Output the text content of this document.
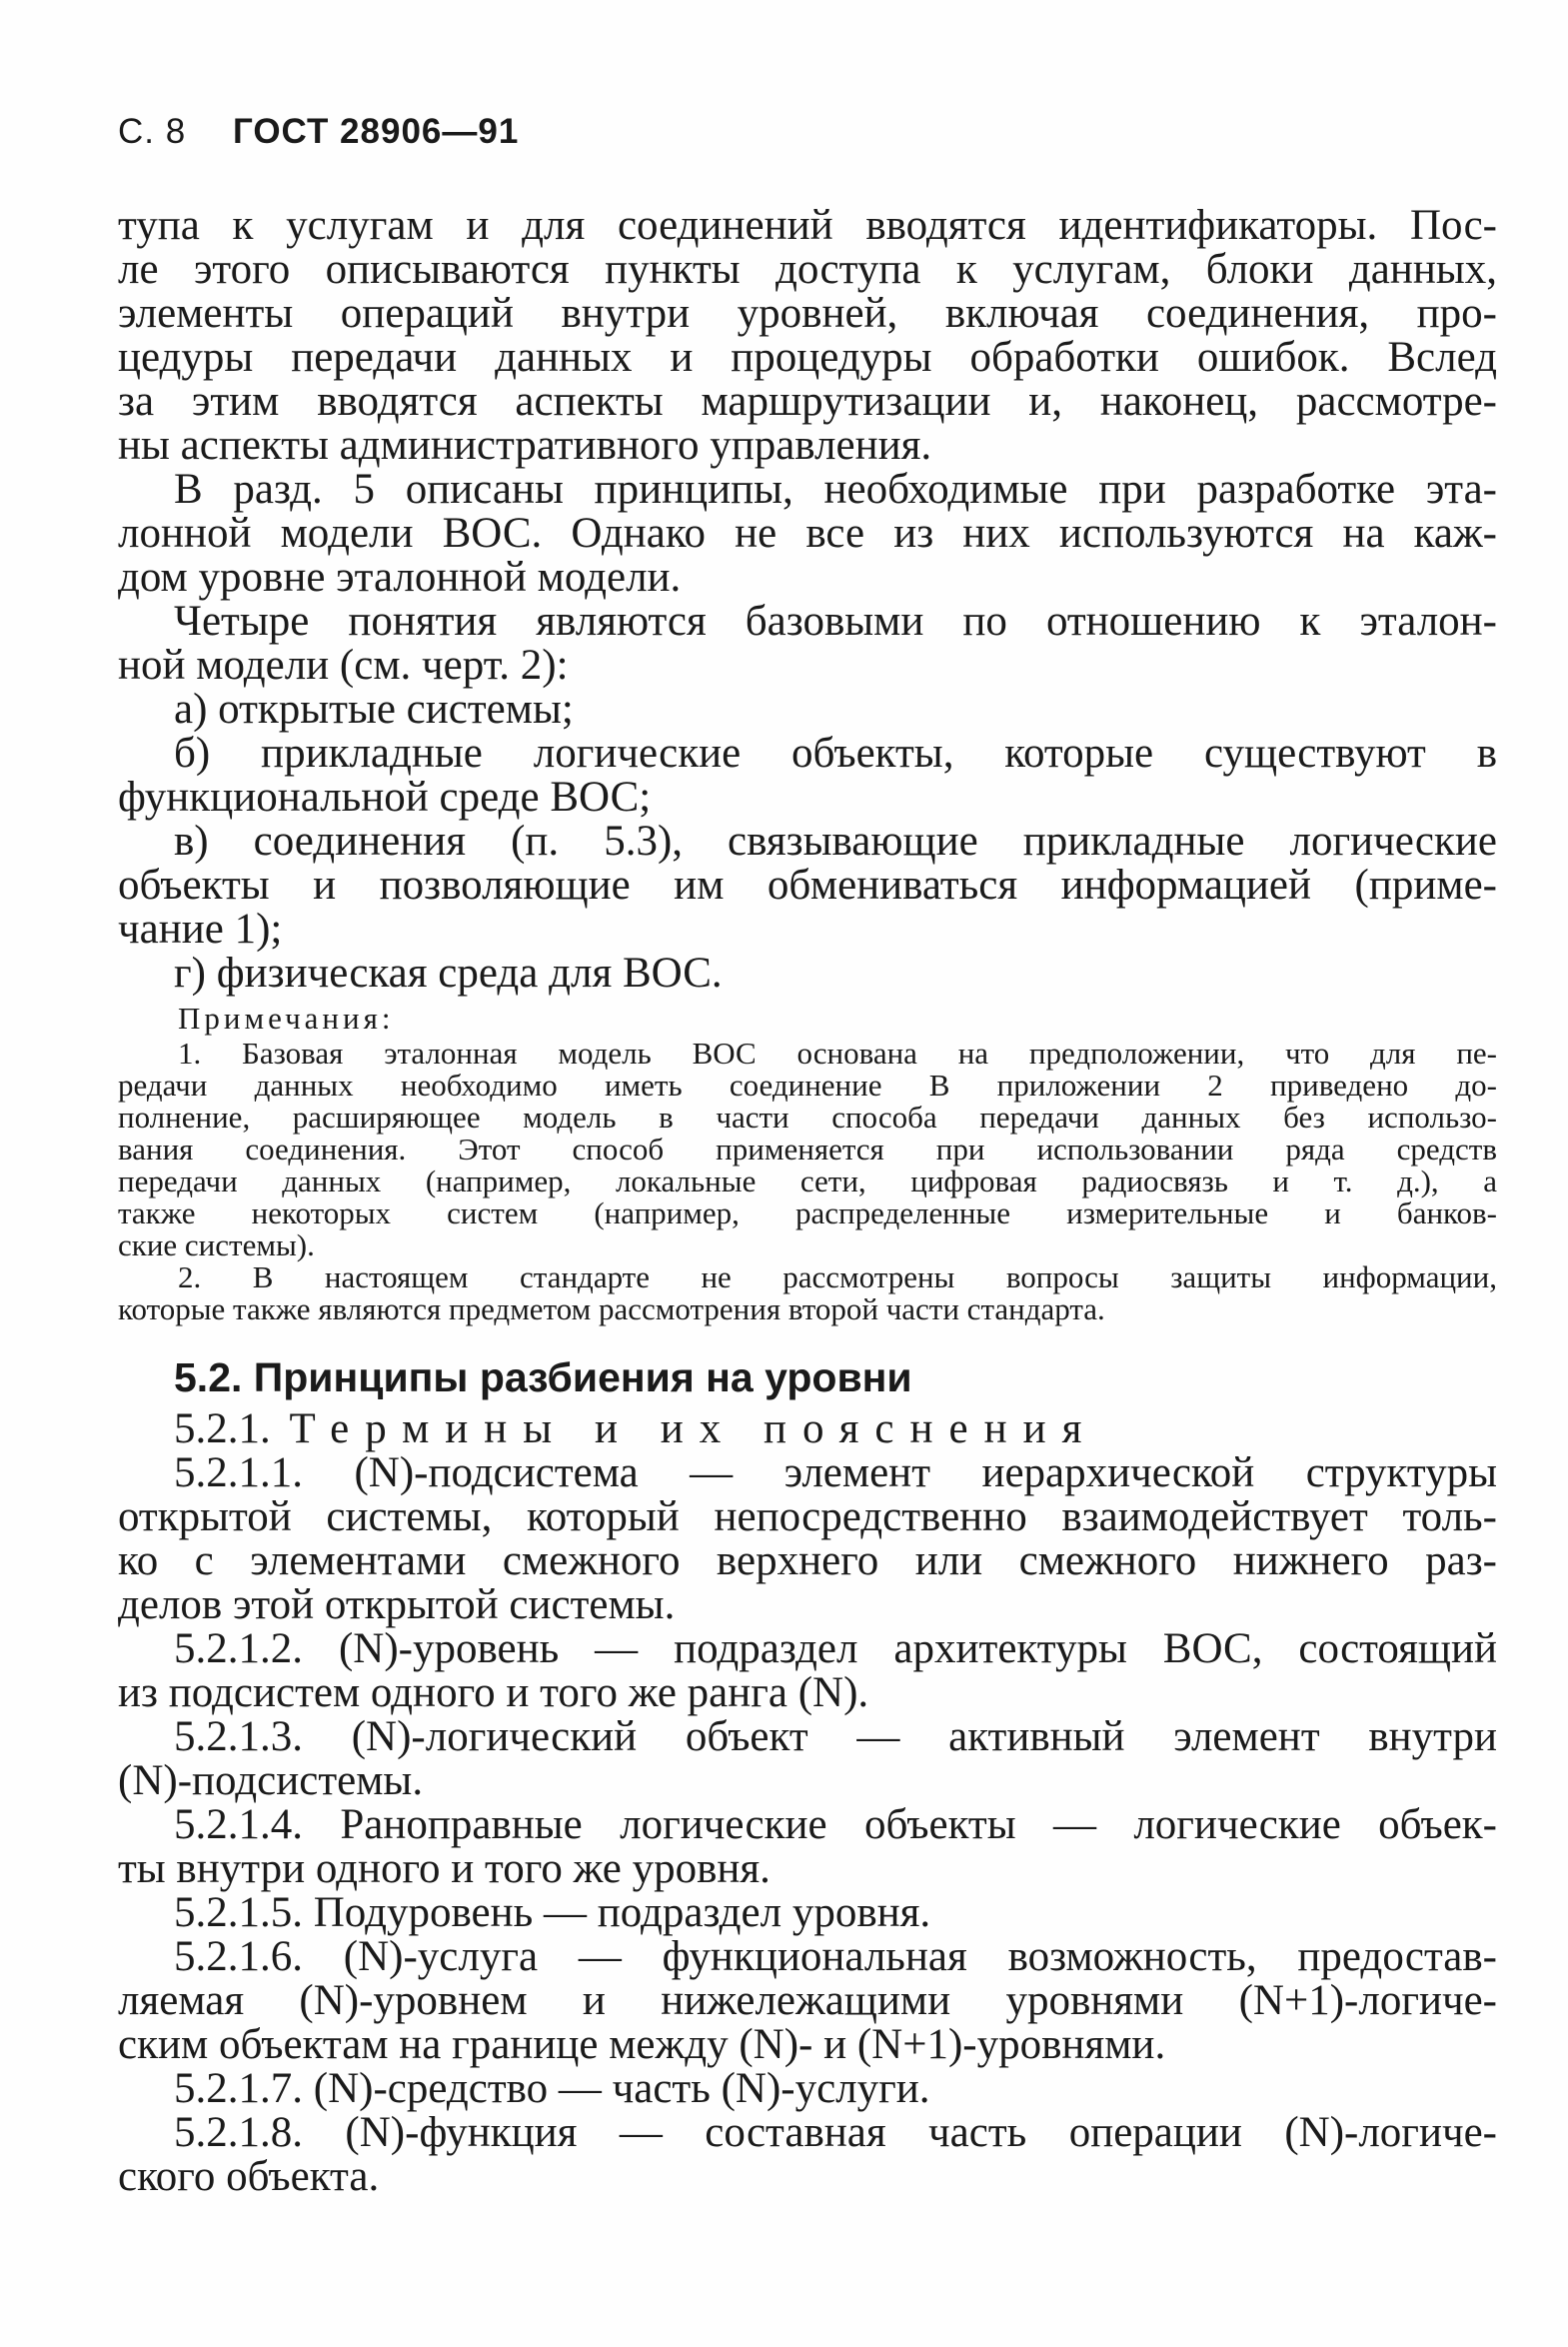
С. 8 ГОСТ 28906—91

тупа к услугам и для соединений вводятся идентификаторы. Пос-

ле этого описываются пункты доступа к услугам, блоки данных,

элементы операций внутри уровней, включая соединения, про-

цедуры передачи данных и процедуры обработки ошибок. Вслед

за этим вводятся аспекты маршрутизации и, наконец, рассмотре-

ны аспекты административного управления.

В разд. 5 описаны принципы, необходимые при разработке эта-

лонной модели ВОС. Однако не все из них используются на каж-

дом уровне эталонной модели.

Четыре понятия являются базовыми по отношению к эталон-

ной модели (см. черт. 2):

а) открытые системы;

б) прикладные логические объекты, которые существуют в

функциональной среде ВОС;

в) соединения (п. 5.3), связывающие прикладные логические

объекты и позволяющие им обмениваться информацией (приме-

чание 1);

г) физическая среда для ВОС.

Примечания:

1. Базовая эталонная модель ВОС основана на предположении, что для пе-

редачи данных необходимо иметь соединение В приложении 2 приведено до-

полнение, расширяющее модель в части способа передачи данных без использо-

вания соединения. Этот способ применяется при использовании ряда средств

передачи данных (например, локальные сети, цифровая радиосвязь и т. д.), а

также некоторых систем (например, распределенные измерительные и банков-

ские системы).

2. В настоящем стандарте не рассмотрены вопросы защиты информации,

которые также являются предметом рассмотрения второй части стандарта.

5.2. Принципы разбиения на уровни

5.2.1. Термины и их пояснения

5.2.1.1. (N)-подсистема — элемент иерархической структуры

открытой системы, который непосредственно взаимодействует толь-

ко с элементами смежного верхнего или смежного нижнего раз-

делов этой открытой системы.

5.2.1.2. (N)-уровень — подраздел архитектуры ВОС, состоящий

из подсистем одного и того же ранга (N).

5.2.1.3. (N)-логический объект — активный элемент внутри

(N)-подсистемы.

5.2.1.4. Ранoправные логические объекты — логические объек-

ты внутри одного и того же уровня.

5.2.1.5. Подуровень — подраздел уровня.

5.2.1.6. (N)-услуга — функциональная возможность, предостав-

ляемая (N)-уровнем и нижележащими уровнями (N+1)-логиче-

ским объектам на границе между (N)- и (N+1)-уровнями.

5.2.1.7. (N)-средство — часть (N)-услуги.

5.2.1.8. (N)-функция — составная часть операции (N)-логиче-

ского объекта.
